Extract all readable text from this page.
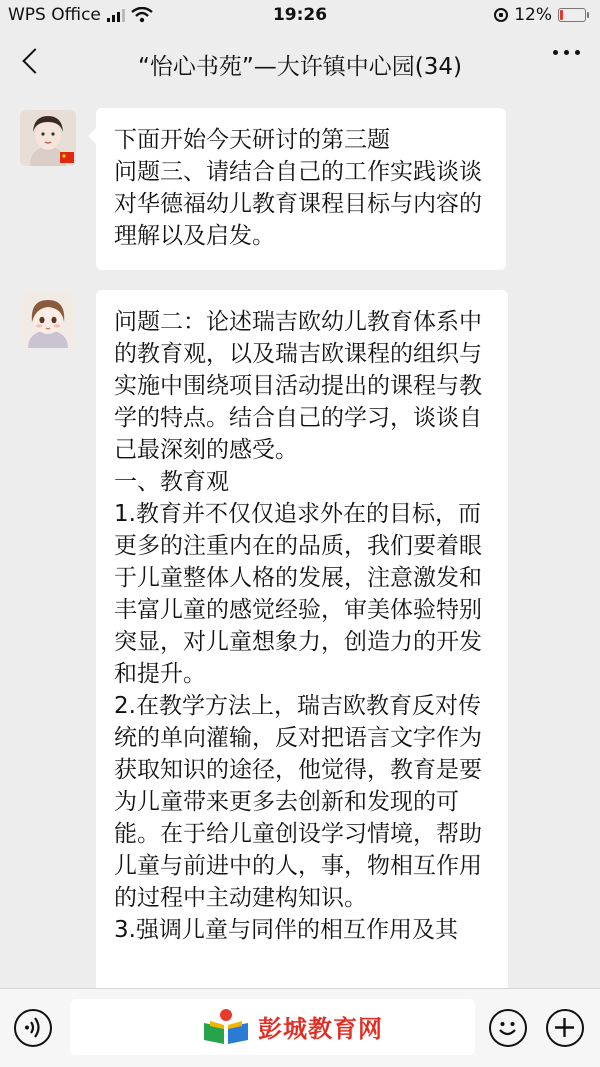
WPS Office	19:26	12%
“怡心书苑”—大许镇中心园(34)
下面开始今天研讨的第三题
问题三、请结合自己的工作实践谈谈对华德福幼儿教育课程目标与内容的理解以及启发。
问题二：论述瑞吉欧幼儿教育体系中的教育观，以及瑞吉欧课程的组织与实施中围绕项目活动提出的课程与教学的特点。结合自己的学习，谈谈自己最深刻的感受。
一、教育观
1.教育并不仅仅追求外在的目标，而更多的注重内在的品质，我们要着眼于儿童整体人格的发展，注意激发和丰富儿童的感觉经验，审美体验特别突显，对儿童想象力，创造力的开发和提升。
2.在教学方法上，瑞吉欧教育反对传统的单向灌输，反对把语言文字作为获取知识的途径，他觉得，教育是要为儿童带来更多去创新和发现的可能。在于给儿童创设学习情境，帮助儿童与前进中的人，事，物相互作用的过程中主动建构知识。
3.强调儿童与同伴的相互作用及其
彭城教育网
